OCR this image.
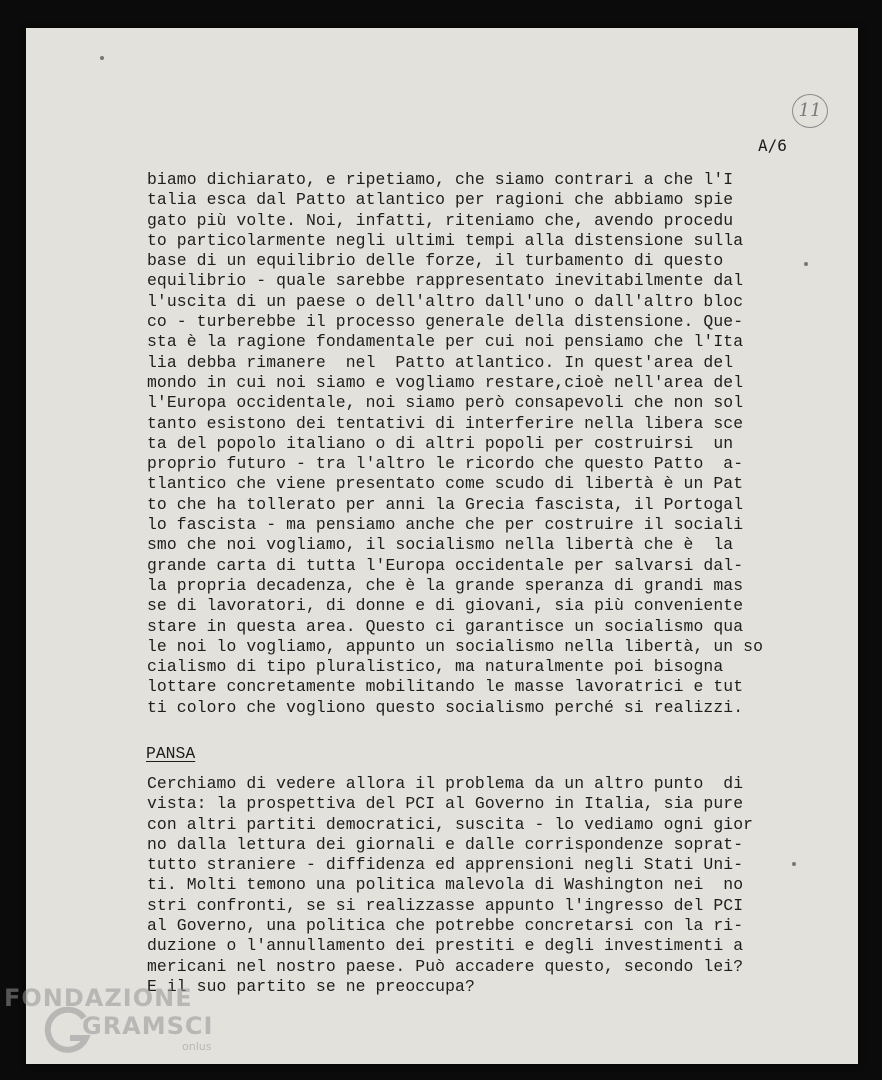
11
A/6
biamo dichiarato, e ripetiamo, che siamo contrari a che l'I
talia esca dal Patto atlantico per ragioni che abbiamo spie
gato più volte. Noi, infatti, riteniamo che, avendo procedu
to particolarmente negli ultimi tempi alla distensione sulla
base di un equilibrio delle forze, il turbamento di questo
equilibrio - quale sarebbe rappresentato inevitabilmente dal
l'uscita di un paese o dell'altro dall'uno o dall'altro bloc
co - turberebbe il processo generale della distensione. Que-
sta è la ragione fondamentale per cui noi pensiamo che l'Ita
lia debba rimanere  nel  Patto atlantico. In quest'area del
mondo in cui noi siamo e vogliamo restare,cioè nell'area del
l'Europa occidentale, noi siamo però consapevoli che non sol
tanto esistono dei tentativi di interferire nella libera sce
ta del popolo italiano o di altri popoli per costruirsi  un
proprio futuro - tra l'altro le ricordo che questo Patto  a-
tlantico che viene presentato come scudo di libertà è un Pat
to che ha tollerato per anni la Grecia fascista, il Portogal
lo fascista - ma pensiamo anche che per costruire il sociali
smo che noi vogliamo, il socialismo nella libertà che è  la
grande carta di tutta l'Europa occidentale per salvarsi dal-
la propria decadenza, che è la grande speranza di grandi mas
se di lavoratori, di donne e di giovani, sia più conveniente
stare in questa area. Questo ci garantisce un socialismo qua
le noi lo vogliamo, appunto un socialismo nella libertà, un so
cialismo di tipo pluralistico, ma naturalmente poi bisogna
lottare concretamente mobilitando le masse lavoratrici e tut
ti coloro che vogliono questo socialismo perché si realizzi.
PANSA
Cerchiamo di vedere allora il problema da un altro punto  di
vista: la prospettiva del PCI al Governo in Italia, sia pure
con altri partiti democratici, suscita - lo vediamo ogni gior
no dalla lettura dei giornali e dalle corrispondenze soprat-
tutto straniere - diffidenza ed apprensioni negli Stati Uni-
ti. Molti temono una politica malevola di Washington nei  no
stri confronti, se si realizzasse appunto l'ingresso del PCI
al Governo, una politica che potrebbe concretarsi con la ri-
duzione o l'annullamento dei prestiti e degli investimenti a
mericani nel nostro paese. Può accadere questo, secondo lei?
E il suo partito se ne preoccupa?
FONDAZIONE
GRAMSCI
onlus
